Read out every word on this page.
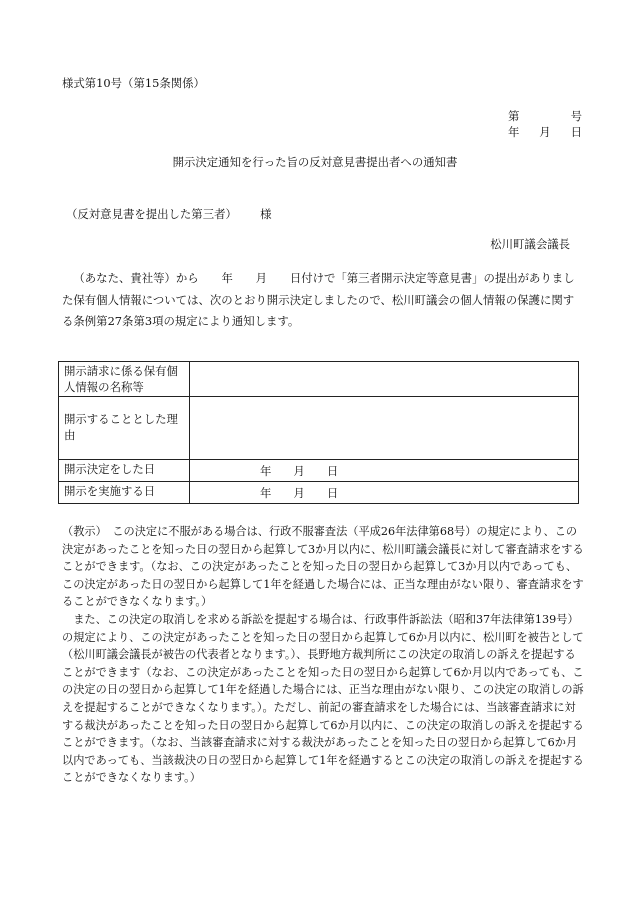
様式第10号（第15条関係）
第	号
年 月 日
開示決定通知を行った旨の反対意見書提出者への通知書
（反対意見書を提出した第三者） 様
松川町議会議長
（あなた、貴社等）から　　年　　月　　日付けで「第三者開示決定等意見書」の提出がありました保有個人情報については、次のとおり開示決定しましたので、松川町議会の個人情報の保護に関する条例第27条第3項の規定により通知します。
開示請求に係る保有個人情報の名称等	
開示することとした理由	
開示決定をした日	年 月 日

開示を実施する日	年 月 日

（教示）　この決定に不服がある場合は、行政不服審査法（平成26年法律第68号）の規定により、この決定があったことを知った日の翌日から起算して3か月以内に、松川町議会議長に対して審査請求をすることができます。（なお、この決定があったことを知った日の翌日から起算して3か月以内であっても、この決定があった日の翌日から起算して1年を経過した場合には、正当な理由がない限り、審査請求をすることができなくなります。）

また、この決定の取消しを求める訴訟を提起する場合は、行政事件訴訟法（昭和37年法律第139号）の規定により、この決定があったことを知った日の翌日から起算して6か月以内に、松川町を被告として（松川町議会議長が被告の代表者となります。）、長野地方裁判所にこの決定の取消しの訴えを提起することができます（なお、この決定があったことを知った日の翌日から起算して6か月以内であっても、この決定の日の翌日から起算して1年を経過した場合には、正当な理由がない限り、この決定の取消しの訴えを提起することができなくなります。）。ただし、前記の審査請求をした場合には、当該審査請求に対する裁決があったことを知った日の翌日から起算して6か月以内に、この決定の取消しの訴えを提起することができます。（なお、当該審査請求に対する裁決があったことを知った日の翌日から起算して6か月以内であっても、当該裁決の日の翌日から起算して1年を経過するとこの決定の取消しの訴えを提起することができなくなります。）
